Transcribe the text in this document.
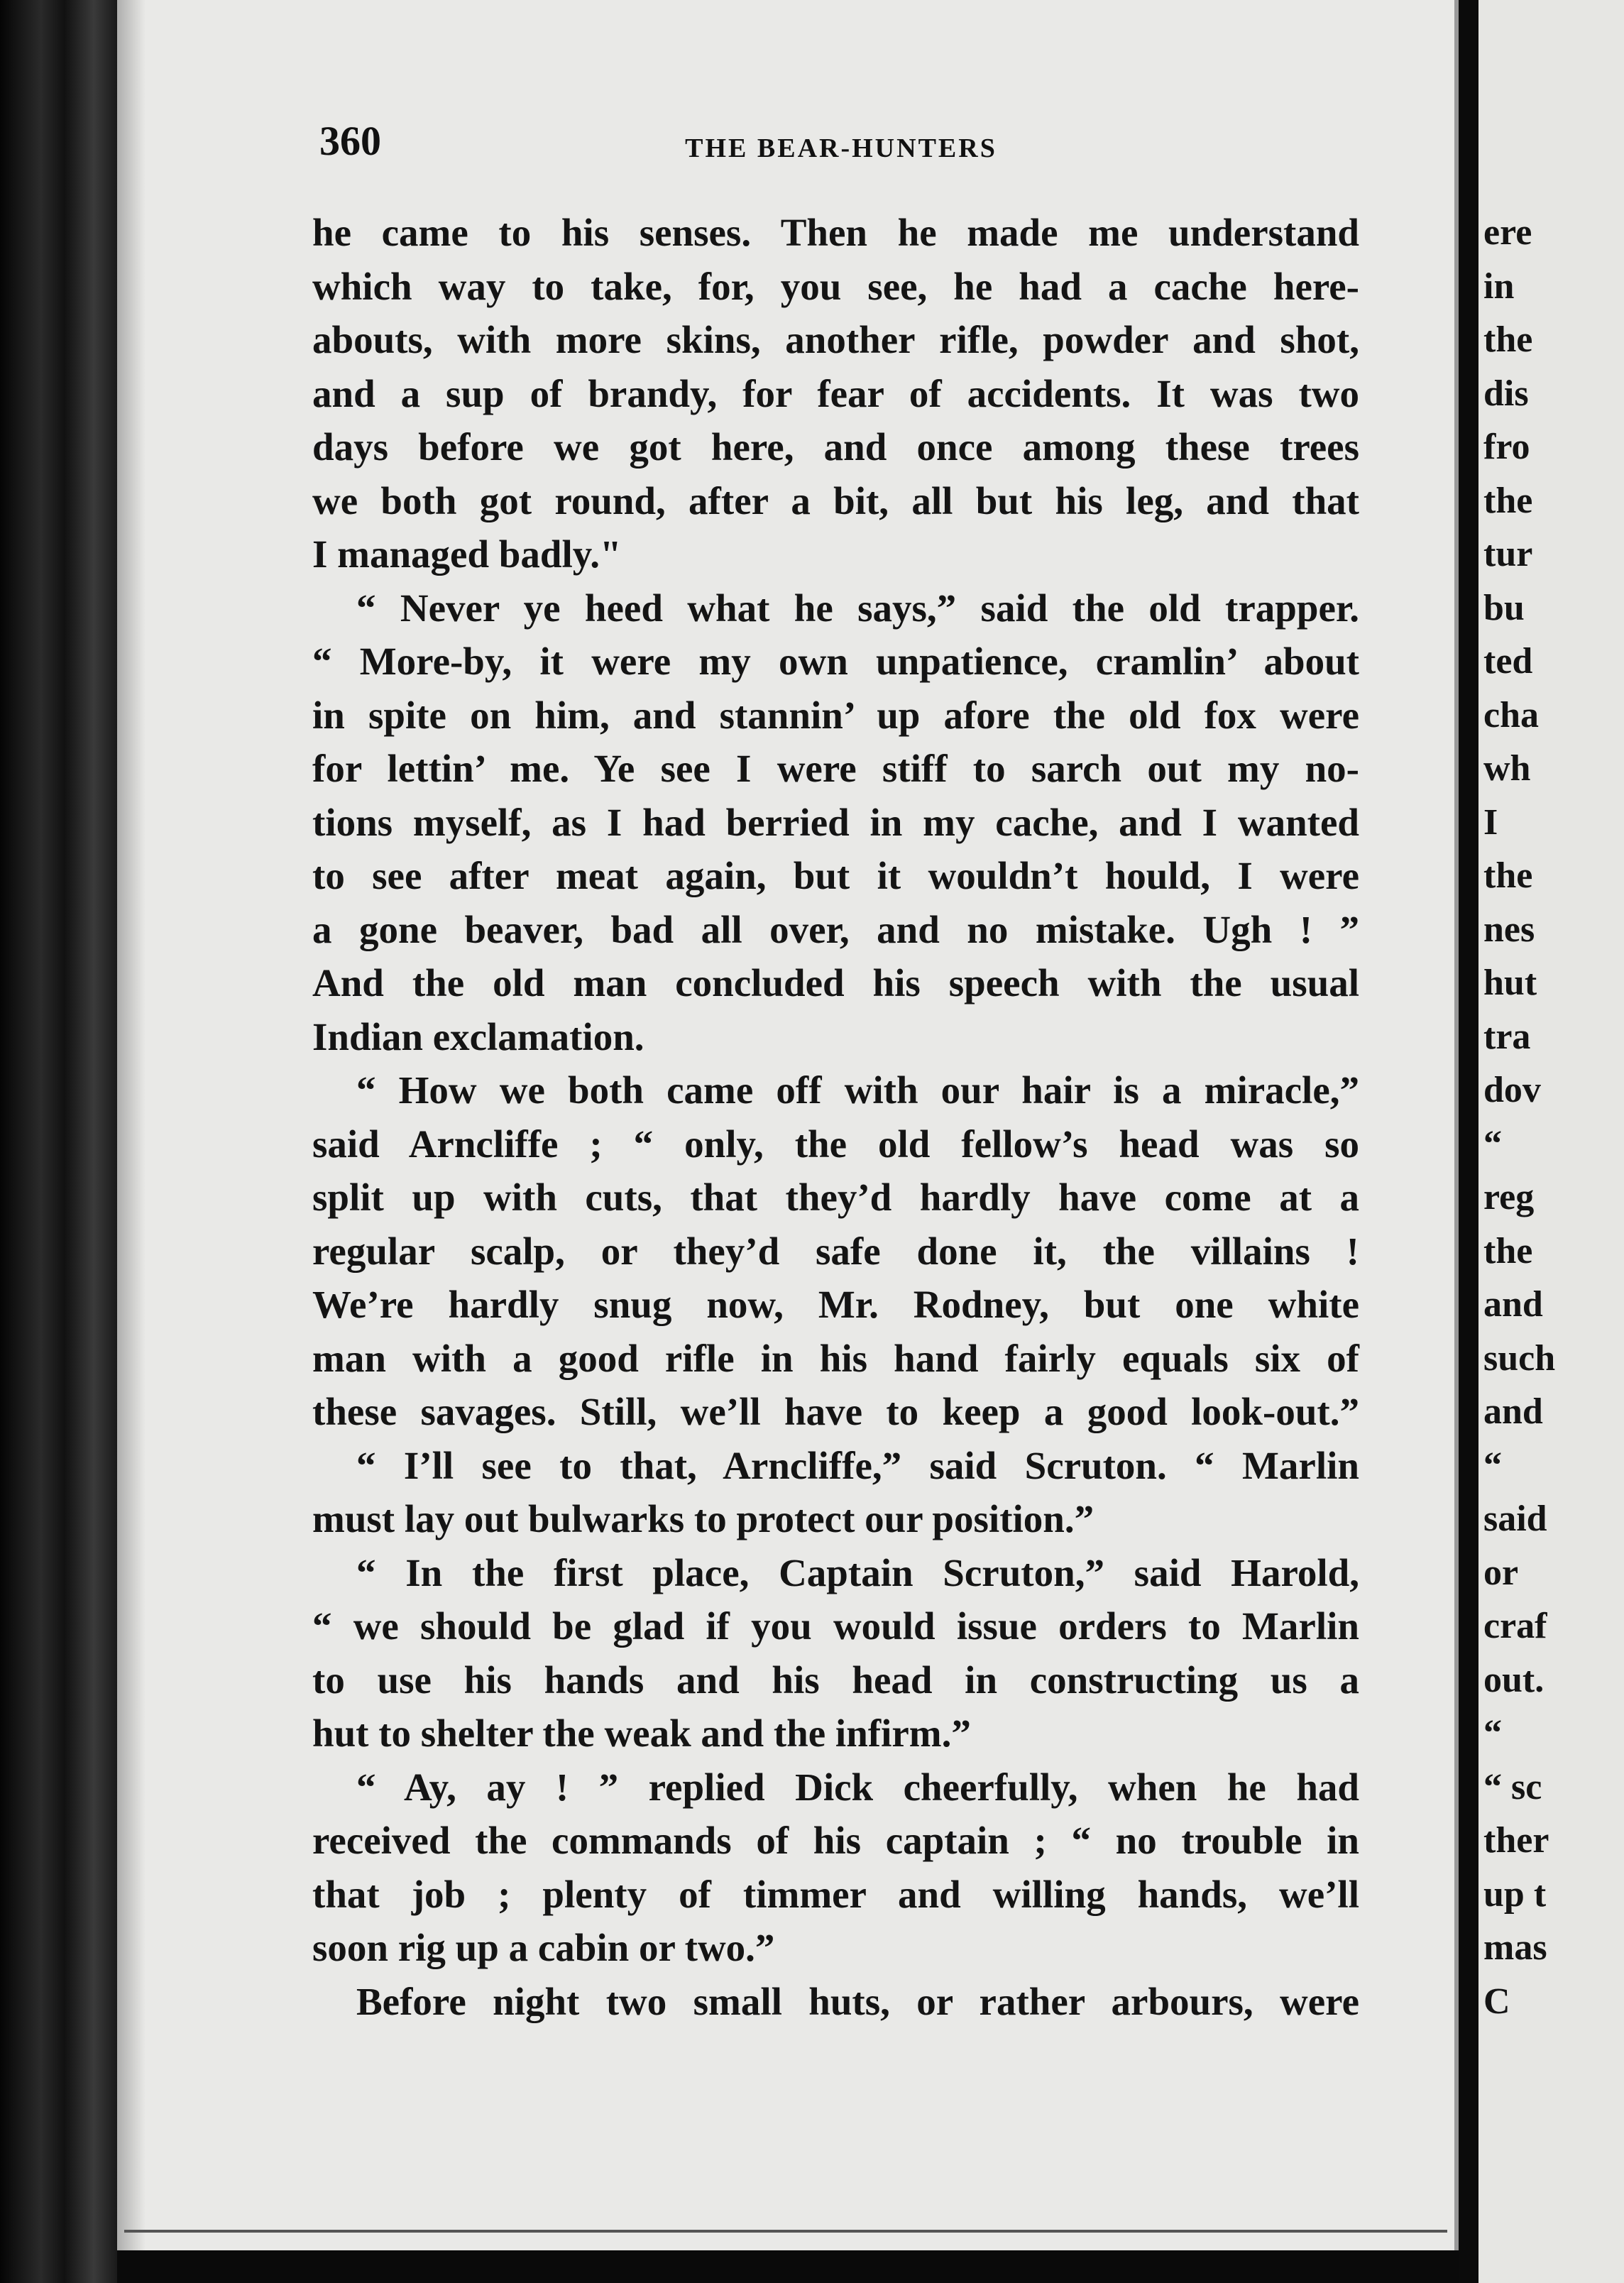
360	THE BEAR-HUNTERS
he came to his senses. Then he made me understand
which way to take, for, you see, he had a cache here-
abouts, with more skins, another rifle, powder and shot,
and a sup of brandy, for fear of accidents. It was two
days before we got here, and once among these trees
we both got round, after a bit, all but his leg, and that
I managed badly."
“ Never ye heed what he says,” said the old trapper.
“ More-by, it were my own unpatience, cramlin’ about
in spite on him, and stannin’ up afore the old fox were
for lettin’ me. Ye see I were stiff to sarch out my no-
tions myself, as I had berried in my cache, and I wanted
to see after meat again, but it wouldn’t hould, I were
a gone beaver, bad all over, and no mistake. Ugh ! ”
And the old man concluded his speech with the usual
Indian exclamation.
“ How we both came off with our hair is a miracle,”
said Arncliffe ; “ only, the old fellow’s head was so
split up with cuts, that they’d hardly have come at a
regular scalp, or they’d safe done it, the villains !
We’re hardly snug now, Mr. Rodney, but one white
man with a good rifle in his hand fairly equals six of
these savages. Still, we’ll have to keep a good look-out.”
“ I’ll see to that, Arncliffe,” said Scruton. “ Marlin
must lay out bulwarks to protect our position.”
“ In the first place, Captain Scruton,” said Harold,
“ we should be glad if you would issue orders to Marlin
to use his hands and his head in constructing us a
hut to shelter the weak and the infirm.”
“ Ay, ay ! ” replied Dick cheerfully, when he had
received the commands of his captain ; “ no trouble in
that job ; plenty of timmer and willing hands, we’ll
soon rig up a cabin or two.”
Before night two small huts, or rather arbours, were
ere
in
the
dis
fro
the
tur
bu
ted
cha
wh
I
the
nes
hut
tra
dov
“
reg
the
and
such
and
“
said
or
craf
out.
“
“ sc
ther
up t
mas
C
